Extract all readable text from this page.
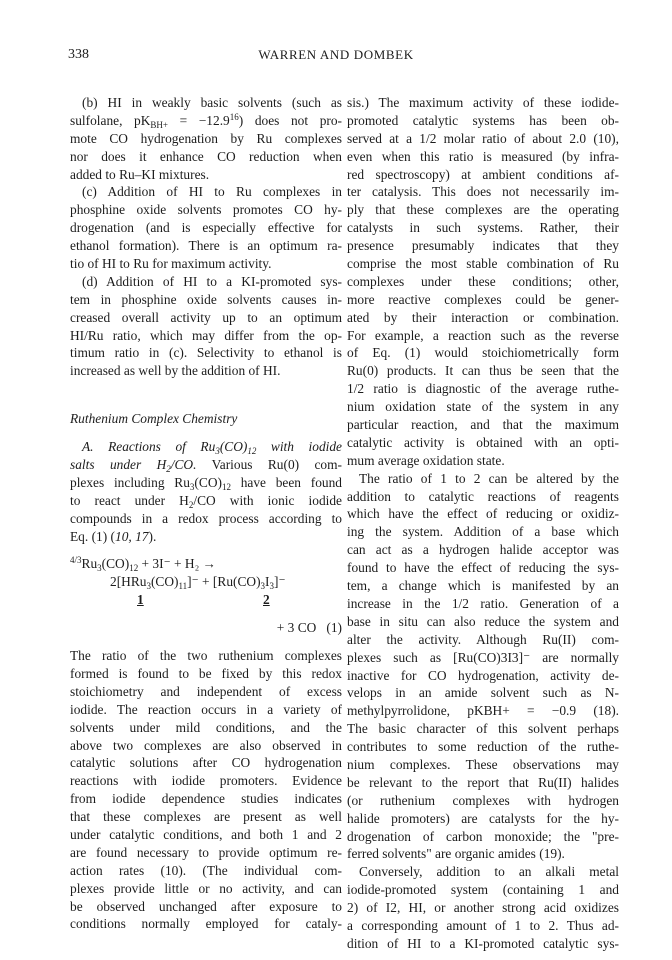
338	WARREN AND DOMBEK
(b) HI in weakly basic solvents (such as
sulfolane, $pK_{BH+} = -12.9^{16}$) does not pro-
mote CO hydrogenation by Ru complexes
nor does it enhance CO reduction when
added to Ru–KI mixtures.
(c) Addition of HI to Ru complexes in
phosphine oxide solvents promotes CO hy-
drogenation (and is especially effective for
ethanol formation). There is an optimum ra-
tio of HI to Ru for maximum activity.
(d) Addition of HI to a KI-promoted sys-
tem in phosphine oxide solvents causes in-
creased overall activity up to an optimum
HI/Ru ratio, which may differ from the op-
timum ratio in (c). Selectivity to ethanol is
increased as well by the addition of HI.
Ruthenium Complex Chemistry
A. Reactions of $Ru_3(CO)_{12}$ with iodide
salts under $H_2/CO$. Various Ru(0) com-
plexes including $Ru_3(CO)_{12}$ have been found
to react under $H_2/CO$ with ionic iodide
compounds in a redox process according to
Eq. (1) (10, 17).
$^{4/3}Ru_3(CO)_{12} + 3I^- + H_2$ →
$2[HRu_3(CO)_{11}]^- + [Ru(CO)_3I_3]^-$
1	2
+ 3 CO (1)
The ratio of the two ruthenium complexes
formed is found to be fixed by this redox
stoichiometry and independent of excess
iodide. The reaction occurs in a variety of
solvents under mild conditions, and the
above two complexes are also observed in
catalytic solutions after CO hydrogenation
reactions with iodide promoters. Evidence
from iodide dependence studies indicates
that these complexes are present as well
under catalytic conditions, and both 1 and 2
are found necessary to provide optimum re-
action rates (10). (The individual com-
plexes provide little or no activity, and can
be observed unchanged after exposure to
conditions normally employed for cataly-
sis.) The maximum activity of these iodide-
promoted catalytic systems has been ob-
served at a 1/2 molar ratio of about 2.0 (10),
even when this ratio is measured (by infra-
red spectroscopy) at ambient conditions af-
ter catalysis. This does not necessarily im-
ply that these complexes are the operating
catalysts in such systems. Rather, their
presence presumably indicates that they
comprise the most stable combination of Ru
complexes under these conditions; other,
more reactive complexes could be gener-
ated by their interaction or combination.
For example, a reaction such as the reverse
of Eq. (1) would stoichiometrically form
Ru(0) products. It can thus be seen that the
1/2 ratio is diagnostic of the average ruthe-
nium oxidation state of the system in any
particular reaction, and that the maximum
catalytic activity is obtained with an opti-
mum average oxidation state.
The ratio of 1 to 2 can be altered by the
addition to catalytic reactions of reagents
which have the effect of reducing or oxidiz-
ing the system. Addition of a base which
can act as a hydrogen halide acceptor was
found to have the effect of reducing the sys-
tem, a change which is manifested by an
increase in the 1/2 ratio. Generation of a
base in situ can also reduce the system and
alter the activity. Although Ru(II) com-
plexes such as [Ru(CO)3I3]⁻ are normally
inactive for CO hydrogenation, activity de-
velops in an amide solvent such as N-
methylpyrrolidone, pKBH+ = −0.9 (18).
The basic character of this solvent perhaps
contributes to some reduction of the ruthe-
nium complexes. These observations may
be relevant to the report that Ru(II) halides
(or ruthenium complexes with hydrogen
halide promoters) are catalysts for the hy-
drogenation of carbon monoxide; the "pre-
ferred solvents" are organic amides (19).
Conversely, addition to an alkali metal
iodide-promoted system (containing 1 and
2) of I2, HI, or another strong acid oxidizes
a corresponding amount of 1 to 2. Thus ad-
dition of HI to a KI-promoted catalytic sys-
